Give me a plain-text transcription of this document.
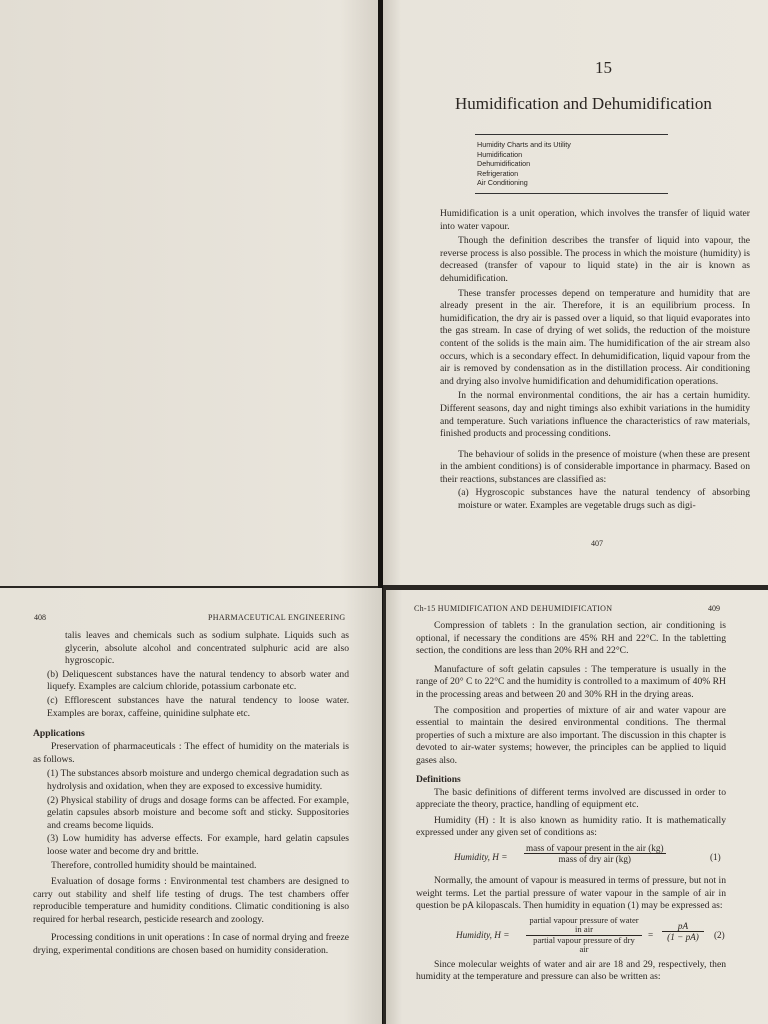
15
Humidification and Dehumidification
Humidity Charts and its Utility
Humidification
Dehumidification
Refrigeration
Air Conditioning

Humidification is a unit operation, which involves the transfer of liquid water into water vapour.

Though the definition describes the transfer of liquid into vapour, the reverse process is also possible. The process in which the moisture (humidity) is decreased (transfer of vapour to liquid state) in the air is known as dehumidification.

These transfer processes depend on temperature and humidity that are already present in the air. Therefore, it is an equilibrium process. In humidification, the dry air is passed over a liquid, so that liquid evaporates into the gas stream. In case of drying of wet solids, the reduction of the moisture content of the solids is the main aim. The humidification of the air stream also occurs, which is a secondary effect. In dehumidification, liquid vapour from the air is removed by condensation as in the distillation process. Air conditioning and drying also involve humidification and dehumidification operations.

In the normal environmental conditions, the air has a certain humidity. Different seasons, day and night timings also exhibit variations in the humidity and temperature. Such variations influence the characteristics of raw materials, finished products and processing conditions.

The behaviour of solids in the presence of moisture (when these are present in the ambient conditions) is of considerable importance in pharmacy. Based on their reactions, substances are classified as:

(a) Hygroscopic substances have the natural tendency of absorbing moisture or water. Examples are vegetable drugs such as digi-

407
408	PHARMACEUTICAL ENGINEERING

talis leaves and chemicals such as sodium sulphate. Liquids such as glycerin, absolute alcohol and concentrated sulphuric acid are also hygroscopic.

(b) Deliquescent substances have the natural tendency to absorb water and liquefy. Examples are calcium chloride, potassium carbonate etc.

(c) Efflorescent substances have the natural tendency to loose water. Examples are borax, caffeine, quinidine sulphate etc.

Applications

Preservation of pharmaceuticals : The effect of humidity on the materials is as follows.

(1) The substances absorb moisture and undergo chemical degradation such as hydrolysis and oxidation, when they are exposed to excessive humidity.

(2) Physical stability of drugs and dosage forms can be affected. For example, gelatin capsules absorb moisture and become soft and sticky. Suppositories and creams become liquids.

(3) Low humidity has adverse effects. For example, hard gelatin capsules loose water and become dry and brittle.

Therefore, controlled humidity should be maintained.

Evaluation of dosage forms : Environmental test chambers are designed to carry out stability and shelf life testing of drugs. The test chambers offer reproducible temperature and humidity conditions. Climatic conditioning is also required for herbal research, pesticide research and zoology.

Processing conditions in unit operations : In case of normal drying and freeze drying, experimental conditions are chosen based on humidity consideration.

Ch-15 HUMIDIFICATION AND DEHUMIDIFICATION	409

Compression of tablets : In the granulation section, air conditioning is optional, if necessary the conditions are 45% RH and 22°C. In the tabletting section, the conditions are less than 20% RH and 22°C.

Manufacture of soft gelatin capsules : The temperature is usually in the range of 20° C to 22°C and the humidity is controlled to a maximum of 40% RH in the processing areas and between 20 and 30% RH in the drying areas.

The composition and properties of mixture of air and water vapour are essential to maintain the desired environmental conditions. The thermal properties of such a mixture are also important. The discussion in this chapter is devoted to air-water systems; however, the principles can be applied to liquid gases also.

Definitions

The basic definitions of different terms involved are discussed in order to appreciate the theory, practice, handling of equipment etc.

Humidity (H) : It is also known as humidity ratio. It is mathematically expressed under any given set of conditions as:

Humidity, H =
mass of vapour present in the air (kg)
mass of dry air (kg)	(1)

Normally, the amount of vapour is measured in terms of pressure, but not in weight terms. Let the partial pressure of water vapour in the sample of air in question be pA kilopascals. Then humidity in equation (1) may be expressed as:

Humidity, H =
partial vapour pressure of water in air
partial vapour pressure of dry air
= $\frac{pA}{(1 - pA)} (2)$

Since molecular weights of water and air are 18 and 29, respectively, then humidity at the temperature and pressure can also be written as:
